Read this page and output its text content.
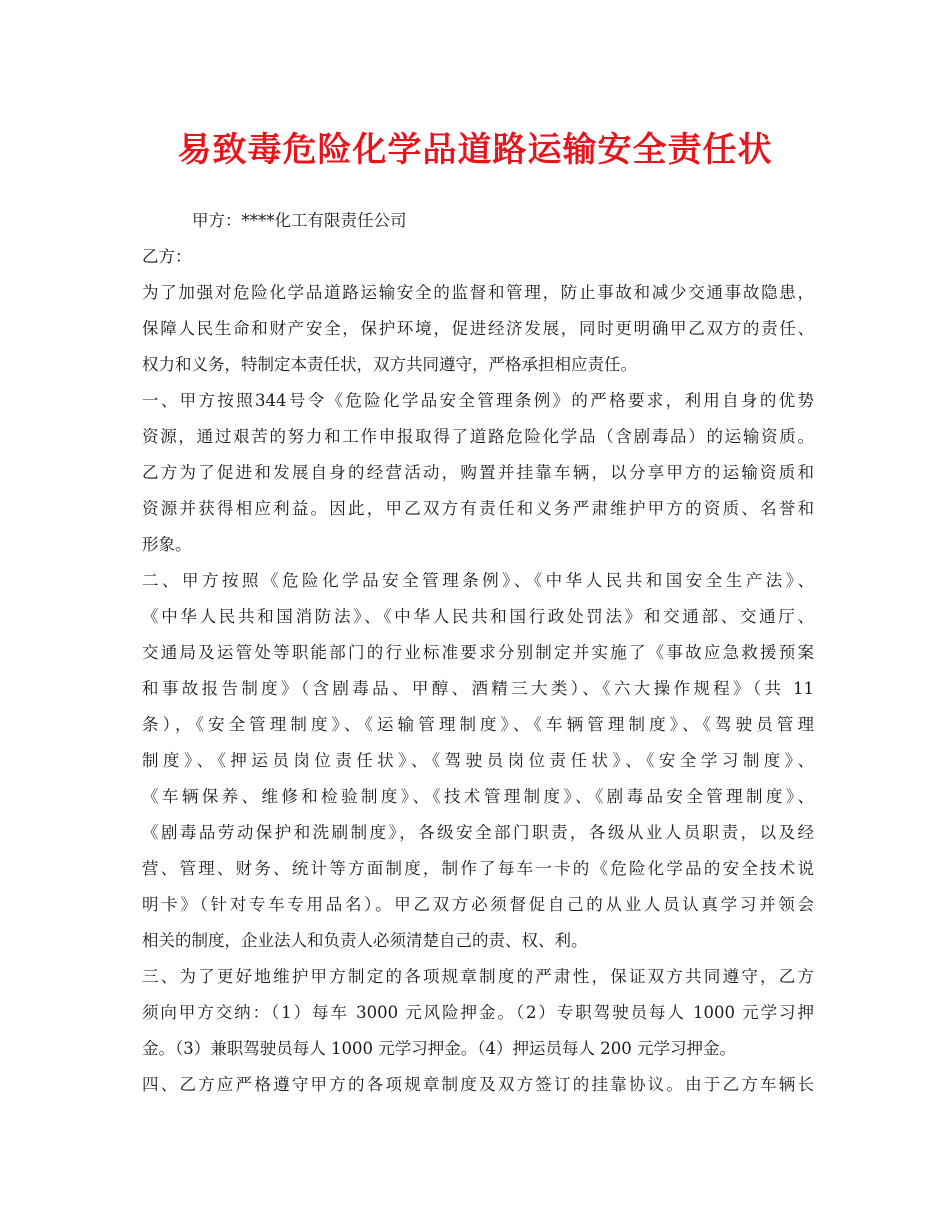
易致毒危险化学品道路运输安全责任状
甲方：****化工有限责任公司
乙方：
为了加强对危险化学品道路运输安全的监督和管理，防止事故和减少交通事故隐患，
保障人民生命和财产安全，保护环境，促进经济发展，同时更明确甲乙双方的责任、
权力和义务，特制定本责任状，双方共同遵守，严格承担相应责任。
一、甲方按照344号令《危险化学品安全管理条例》的严格要求，利用自身的优势
资源，通过艰苦的努力和工作申报取得了道路危险化学品（含剧毒品）的运输资质。
乙方为了促进和发展自身的经营活动，购置并挂靠车辆，以分享甲方的运输资质和
资源并获得相应利益。因此，甲乙双方有责任和义务严肃维护甲方的资质、名誉和
形象。
二、甲方按照《危险化学品安全管理条例》、《中华人民共和国安全生产法》、
《中华人民共和国消防法》、《中华人民共和国行政处罚法》和交通部、交通厅、
交通局及运管处等职能部门的行业标准要求分别制定并实施了《事故应急救援预案
和事故报告制度》（含剧毒品、甲醇、酒精三大类）、《六大操作规程》（共 11
条），《安全管理制度》、《运输管理制度》、《车辆管理制度》、《驾驶员管理
制度》、《押运员岗位责任状》、《驾驶员岗位责任状》、《安全学习制度》、
《车辆保养、维修和检验制度》、《技术管理制度》、《剧毒品安全管理制度》、
《剧毒品劳动保护和洗刷制度》，各级安全部门职责，各级从业人员职责，以及经
营、管理、财务、统计等方面制度，制作了每车一卡的《危险化学品的安全技术说
明卡》（针对专车专用品名）。甲乙双方必须督促自己的从业人员认真学习并领会
相关的制度，企业法人和负责人必须清楚自己的责、权、利。
三、为了更好地维护甲方制定的各项规章制度的严肃性，保证双方共同遵守，乙方
须向甲方交纳：（1）每车 3000 元风险押金。（2）专职驾驶员每人 1000 元学习押
金。（3）兼职驾驶员每人 1000 元学习押金。（4）押运员每人 200 元学习押金。
四、乙方应严格遵守甲方的各项规章制度及双方签订的挂靠协议。由于乙方车辆长
